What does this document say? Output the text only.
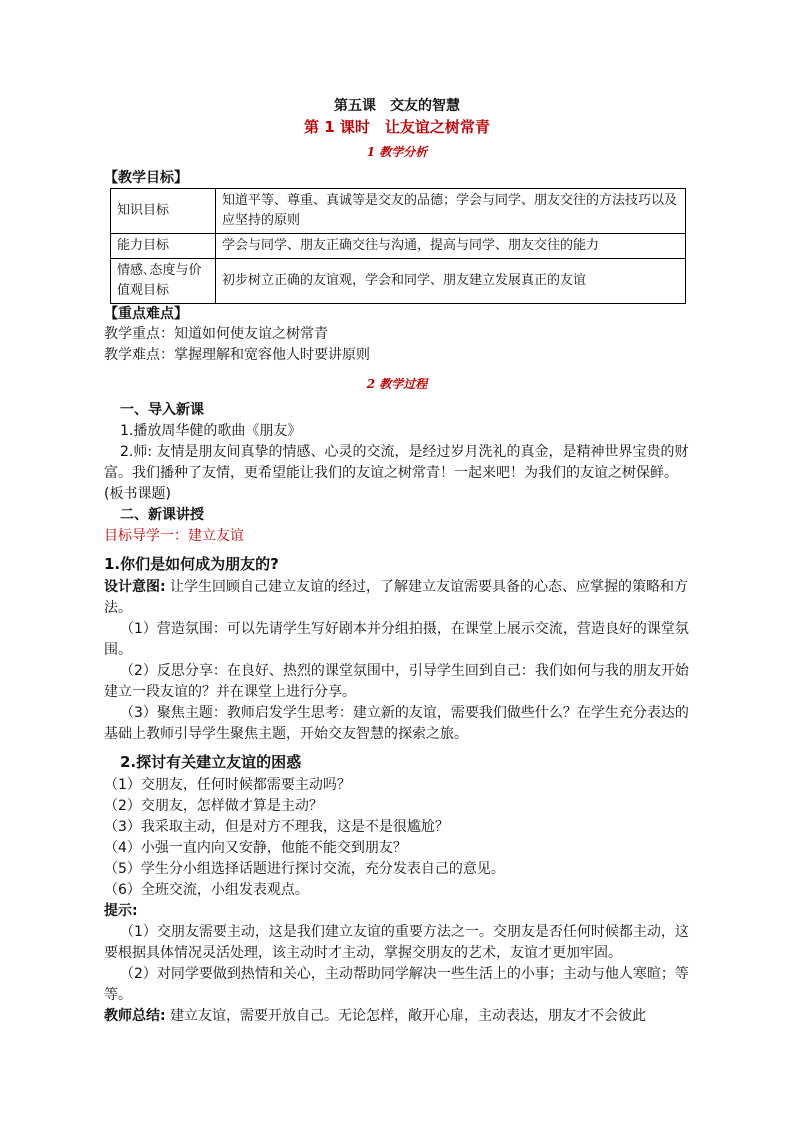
第五课　交友的智慧

第 1 课时　让友谊之树常青

1 教学分析

【教学目标】

知识目标	知道平等、尊重、真诚等是交友的品德；学会与同学、朋友交往的方法技巧以及应坚持的原则
能力目标	学会与同学、朋友正确交往与沟通，提高与同学、朋友交往的能力
情感､态度与价值观目标	初步树立正确的友谊观，学会和同学、朋友建立发展真正的友谊

【重点难点】

教学重点：知道如何使友谊之树常青

教学难点：掌握理解和宽容他人时要讲原则

2 教学过程

一、导入新课

1.播放周华健的歌曲《朋友》

2.师: 友情是朋友间真挚的情感、心灵的交流，是经过岁月洗礼的真金，是精神世界宝贵的财富。我们播种了友情，更希望能让我们的友谊之树常青！一起来吧！为我们的友谊之树保鲜。(板书课题)

二、新课讲授

目标导学一：建立友谊

1.你们是如何成为朋友的?

设计意图: 让学生回顾自己建立友谊的经过，了解建立友谊需要具备的心态、应掌握的策略和方法。

（1）营造氛围：可以先请学生写好剧本并分组拍摄，在课堂上展示交流，营造良好的课堂氛围。

（2）反思分享：在良好、热烈的课堂氛围中，引导学生回到自己：我们如何与我的朋友开始建立一段友谊的？并在课堂上进行分享。

（3）聚焦主题：教师启发学生思考：建立新的友谊，需要我们做些什么？在学生充分表达的基础上教师引导学生聚焦主题，开始交友智慧的探索之旅。

2.探讨有关建立友谊的困惑

（1）交朋友，任何时候都需要主动吗？

（2）交朋友，怎样做才算是主动？

（3）我采取主动，但是对方不理我，这是不是很尴尬？

（4）小强一直内向又安静，他能不能交到朋友？

（5）学生分小组选择话题进行探讨交流，充分发表自己的意见。

（6）全班交流，小组发表观点。

提示:

（1）交朋友需要主动，这是我们建立友谊的重要方法之一。交朋友是否任何时候都主动，这要根据具体情况灵活处理，该主动时才主动，掌握交朋友的艺术，友谊才更加牢固。

（2）对同学要做到热情和关心，主动帮助同学解决一些生活上的小事；主动与他人寒暄；等等。

教师总结: 建立友谊，需要开放自己。无论怎样，敞开心扉，主动表达，朋友才不会彼此
